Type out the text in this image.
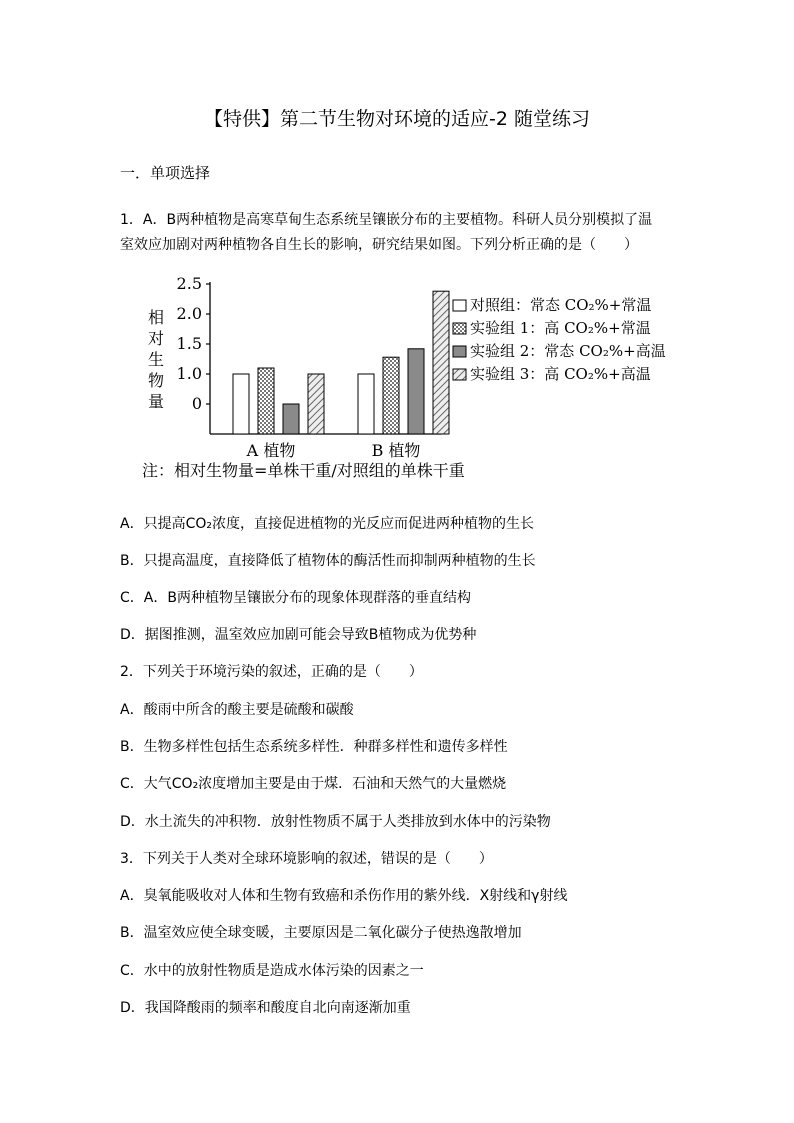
【特供】第二节生物对环境的适应-2 随堂练习
一．单项选择
1．A．B两种植物是高寒草甸生态系统呈镶嵌分布的主要植物。科研人员分别模拟了温
室效应加剧对两种植物各自生长的影响，研究结果如图。下列分析正确的是（　　）
相
对
生
物
量 0
1.0
1.5
2.0
2.5
A 植物	B 植物
对照组：常态 CO₂%+常温
实验组 1：高 CO₂%+常温
实验组 2：常态 CO₂%+高温
实验组 3：高 CO₂%+高温
注：相对生物量=单株干重/对照组的单株干重
A．只提高CO₂浓度，直接促进植物的光反应而促进两种植物的生长
B．只提高温度，直接降低了植物体的酶活性而抑制两种植物的生长
C．A．B两种植物呈镶嵌分布的现象体现群落的垂直结构
D．据图推测，温室效应加剧可能会导致B植物成为优势种
2．下列关于环境污染的叙述，正确的是（　　）
A．酸雨中所含的酸主要是硫酸和碳酸
B．生物多样性包括生态系统多样性．种群多样性和遗传多样性
C．大气CO₂浓度增加主要是由于煤．石油和天然气的大量燃烧
D．水土流失的冲积物．放射性物质不属于人类排放到水体中的污染物
3．下列关于人类对全球环境影响的叙述，错误的是（　　）
A．臭氧能吸收对人体和生物有致癌和杀伤作用的紫外线．X射线和γ射线
B．温室效应使全球变暖，主要原因是二氧化碳分子使热逸散增加
C．水中的放射性物质是造成水体污染的因素之一
D．我国降酸雨的频率和酸度自北向南逐渐加重
